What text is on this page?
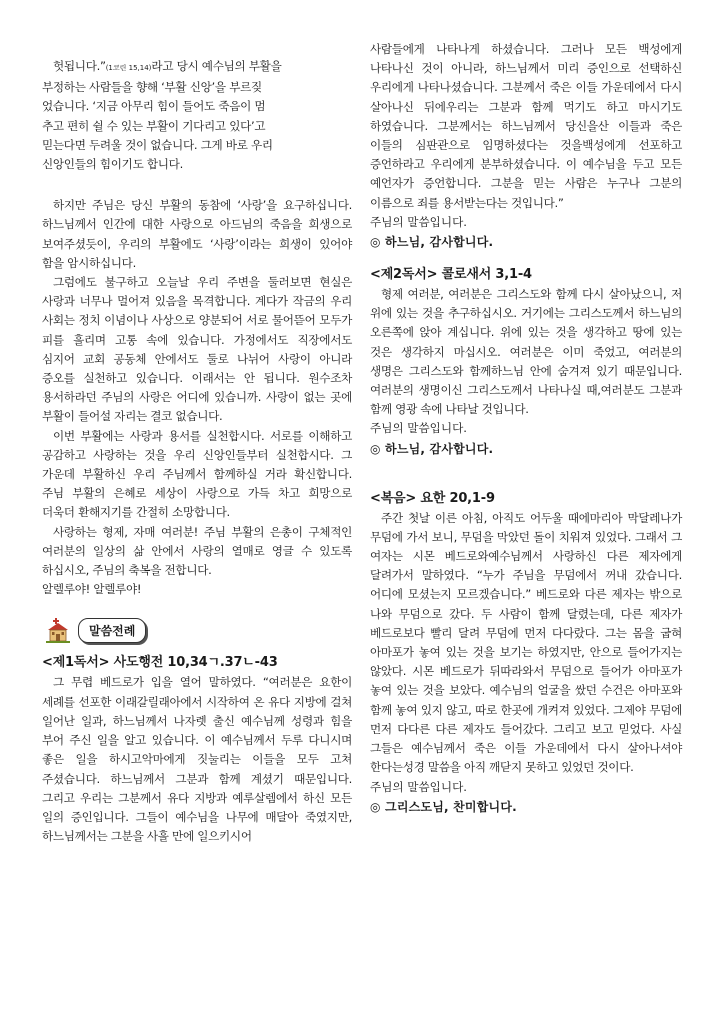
헛됩니다.”(1코린 15,14)라고 당시 예수님의 부활을
부정하는 사람들을 향해 ‘부활 신앙’을 부르짖
었습니다. ‘지금 아무리 힘이 들어도 죽음이 멈
추고 편히 쉴 수 있는 부활이 기다리고 있다’고
믿는다면 두려울 것이 없습니다. 그게 바로 우리
신앙인들의 힘이기도 합니다.

하지만 주님은 당신 부활의 동참에 ‘사랑’을 요구하십니다. 하느님께서 인간에 대한 사랑으로 아드님의 죽음을 희생으로 보여주셨듯이, 우리의 부활에도 ‘사랑’이라는 희생이 있어야 함을 암시하십니다.

그럼에도 불구하고 오늘날 우리 주변을 둘러보면 현실은 사랑과 너무나 멀어져 있음을 목격합니다. 계다가 작금의 우리 사회는 정치 이념이나 사상으로 양분되어 서로 물어뜯어 모두가 피를 흘리며 고통 속에 있습니다. 가정에서도 직장에서도 심지어 교회 공동체 안에서도 둘로 나뉘어 사랑이 아니라 증오를 실천하고 있습니다. 이래서는 안 됩니다. 원수조차 용서하라던 주님의 사랑은 어디에 있습니까. 사랑이 없는 곳에 부활이 들어설 자리는 결코 없습니다.

이번 부활에는 사랑과 용서를 실천합시다. 서로를 이해하고 공감하고 사랑하는 것을 우리 신앙인들부터 실천합시다. 그 가운데 부활하신 우리 주님께서 함께하실 거라 확신합니다. 주님 부활의 은혜로 세상이 사랑으로 가득 차고 희망으로 더욱더 환해지기를 간절히 소망합니다.

사랑하는 형제, 자매 여러분! 주님 부활의 은총이 구체적인 여러분의 일상의 삶 안에서 사랑의 열매로 영글 수 있도록 하십시오, 주님의 축복을 전합니다.

알렐루야! 알렐루야!

말씀전례
<제1독서> 사도행전 10,34ㄱ.37ㄴ-43

그 무렵 베드로가 입을 열어 말하였다. “여러분은 요한이 세례를 선포한 이래갈릴래아에서 시작하여 온 유다 지방에 걸쳐 일어난 일과, 하느님께서 나자렛 출신 예수님께 성령과 힘을 부어 주신 일을 알고 있습니다. 이 예수님께서 두루 다니시며 좋은 일을 하시고악마에게 짓눌리는 이들을 모두 고쳐 주셨습니다. 하느님께서 그분과 함께 계셨기 때문입니다. 그리고 우리는 그분께서 유다 지방과 예루살렘에서 하신 모든 일의 증인입니다. 그들이 예수님을 나무에 매달아 죽였지만, 하느님께서는 그분을 사흘 만에 일으키시어

사람들에게 나타나게 하셨습니다. 그러나 모든 백성에게 나타나신 것이 아니라, 하느님께서 미리 증인으로 선택하신 우리에게 나타나셨습니다. 그분께서 죽은 이들 가운데에서 다시 살아나신 뒤에우리는 그분과 함께 먹기도 하고 마시기도 하였습니다. 그분께서는 하느님께서 당신을산 이들과 죽은 이들의 심판관으로 임명하셨다는 것을백성에게 선포하고 증언하라고 우리에게 분부하셨습니다. 이 예수님을 두고 모든 예언자가 증언합니다. 그분을 믿는 사람은 누구나 그분의 이름으로 죄를 용서받는다는 것입니다.”

주님의 말씀입니다.
◎ 하느님, 감사합니다.
<제2독서> 콜로새서 3,1-4

형제 여러분, 여러분은 그리스도와 함께 다시 살아났으니, 저 위에 있는 것을 추구하십시오. 거기에는 그리스도께서 하느님의 오른쪽에 앉아 계십니다. 위에 있는 것을 생각하고 땅에 있는 것은 생각하지 마십시오. 여러분은 이미 죽었고, 여러분의 생명은 그리스도와 함께하느님 안에 숨겨져 있기 때문입니다. 여러분의 생명이신 그리스도께서 나타나실 때,여러분도 그분과 함께 영광 속에 나타날 것입니다.

주님의 말씀입니다.
◎ 하느님, 감사합니다.
<복음> 요한 20,1-9

주간 첫날 이른 아침, 아직도 어두울 때에마리아 막달레나가 무덤에 가서 보니, 무덤을 막았던 돌이 치워져 있었다. 그래서 그 여자는 시몬 베드로와예수님께서 사랑하신 다른 제자에게 달려가서 말하였다. “누가 주님을 무덤에서 꺼내 갔습니다. 어디에 모셨는지 모르겠습니다.” 베드로와 다른 제자는 밖으로 나와 무덤으로 갔다. 두 사람이 함께 달렸는데, 다른 제자가 베드로보다 빨리 달려 무덤에 먼저 다다랐다. 그는 몸을 굽혀 아마포가 놓여 있는 것을 보기는 하였지만, 안으로 들어가지는 않았다. 시몬 베드로가 뒤따라와서 무덤으로 들어가 아마포가 놓여 있는 것을 보았다. 예수님의 얼굴을 쌌던 수건은 아마포와 함께 놓여 있지 않고, 따로 한곳에 개켜져 있었다. 그제야 무덤에 먼저 다다른 다른 제자도 들어갔다. 그리고 보고 믿었다. 사실 그들은 예수님께서 죽은 이들 가운데에서 다시 살아나셔야 한다는성경 말씀을 아직 깨닫지 못하고 있었던 것이다.

주님의 말씀입니다.
◎ 그리스도님, 찬미합니다.
